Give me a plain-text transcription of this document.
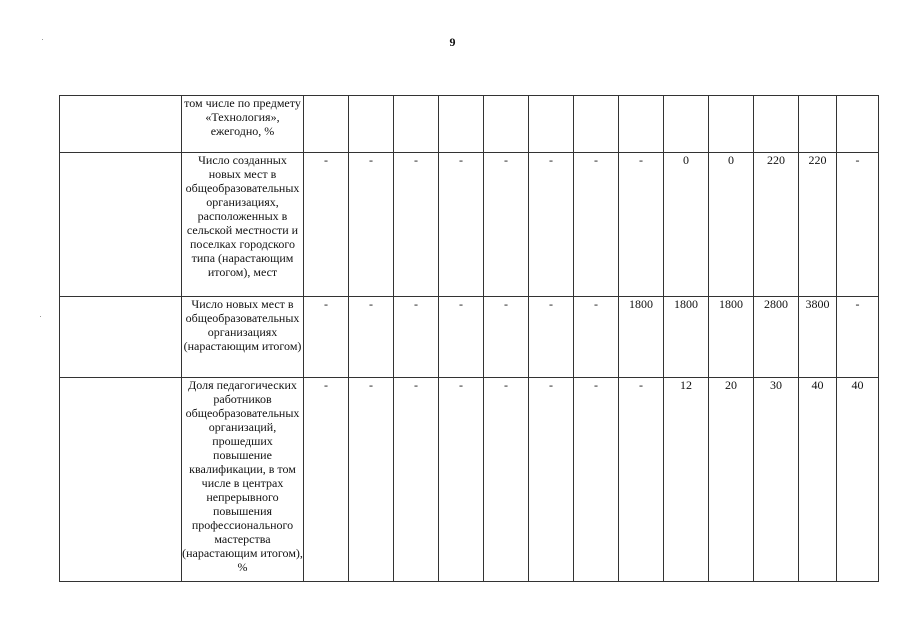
9
	том числе по предмету «Технология», ежегодно, %													
	Число созданных новых мест в общеобразовательных организациях, расположенных в сельской местности и поселках городского типа (нарастающим итогом), мест	-	-	-	-	-	-	-	-	0	0	220	220	-
	Число новых мест в общеобразовательных организациях (нарастающим итогом)	-	-	-	-	-	-	-	1800	1800	1800	2800	3800	-
	Доля педагогических работников общеобразовательных организаций, прошедших повышение квалификации, в том числе в центрах непрерывного повышения профессионального мастерства (нарастающим итогом), %	-	-	-	-	-	-	-	-	12	20	30	40	40
